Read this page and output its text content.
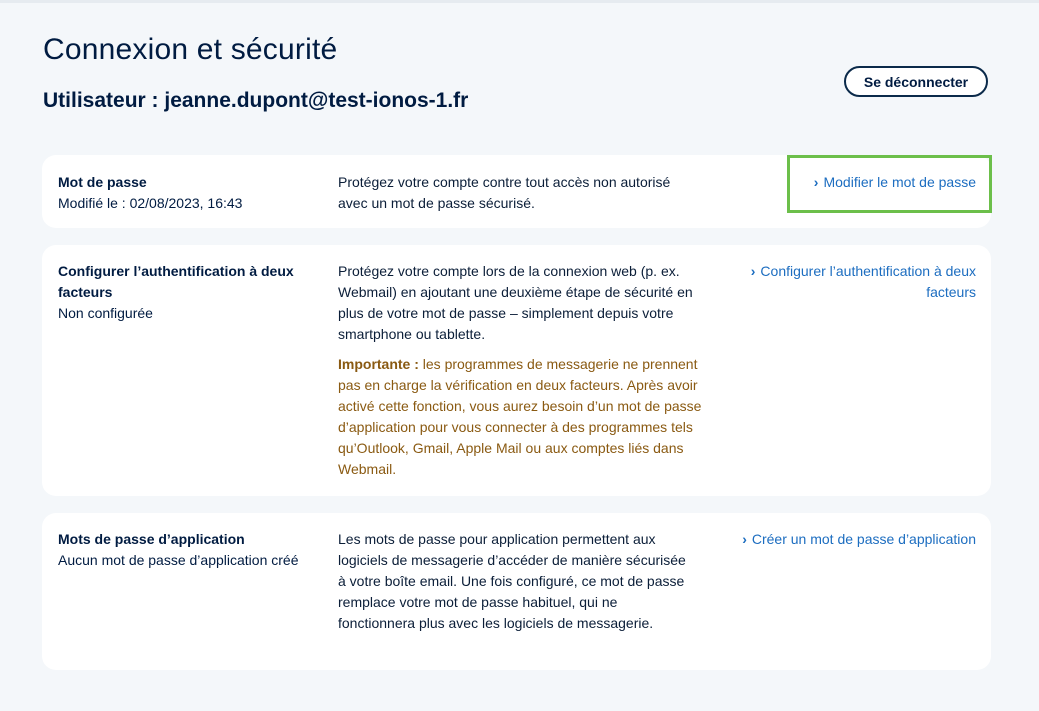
Connexion et sécurité
Utilisateur : jeanne.dupont@test-ionos-1.fr
Se déconnecter
Mot de passe
Modifié le : 02/08/2023, 16:43

Protégez votre compte contre tout accès non autorisé avec un mot de passe sécurisé.

› Modifier le mot de passe
Configurer l’authentification à deux facteurs
Non configurée

Protégez votre compte lors de la connexion web (p. ex. Webmail) en ajoutant une deuxième étape de sécurité en plus de votre mot de passe – simplement depuis votre smartphone ou tablette.

Importante : les programmes de messagerie ne prennent pas en charge la vérification en deux facteurs. Après avoir activé cette fonction, vous aurez besoin d’un mot de passe d’application pour vous connecter à des programmes tels qu’Outlook, Gmail, Apple Mail ou aux comptes liés dans Webmail.

› Configurer l’authentification à deux facteurs
Mots de passe d’application
Aucun mot de passe d’application créé

Les mots de passe pour application permettent aux logiciels de messagerie d’accéder de manière sécurisée à votre boîte email. Une fois configuré, ce mot de passe remplace votre mot de passe habituel, qui ne fonctionnera plus avec les logiciels de messagerie.

› Créer un mot de passe d’application
